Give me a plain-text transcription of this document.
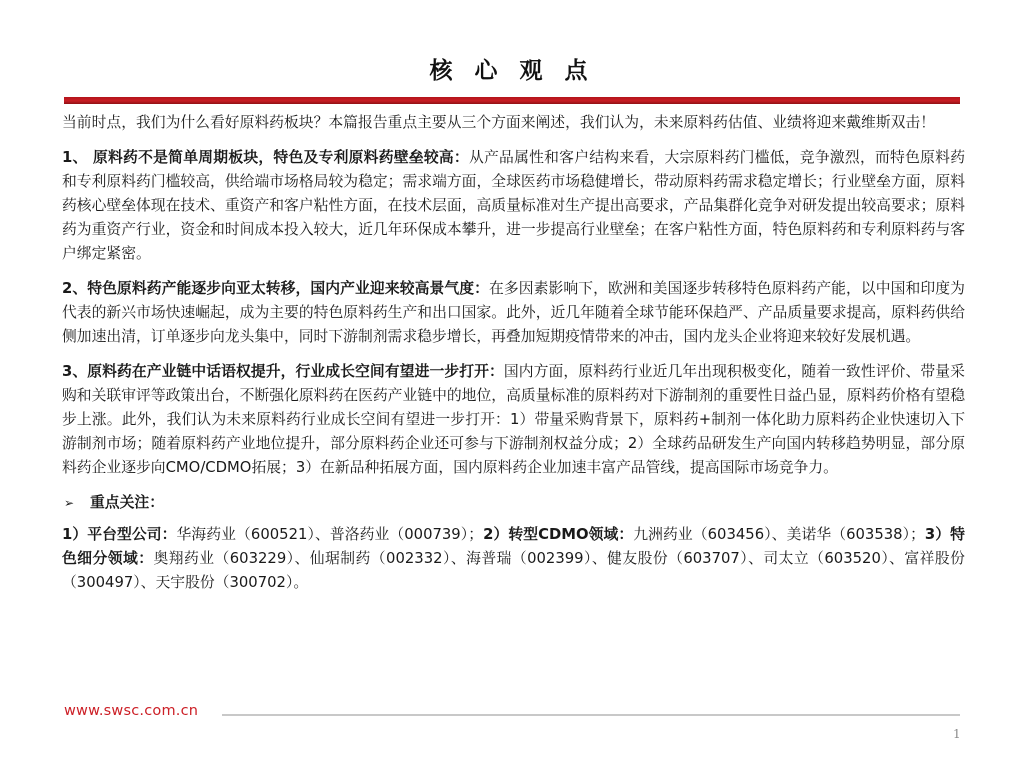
核 心 观 点

当前时点，我们为什么看好原料药板块？本篇报告重点主要从三个方面来阐述，我们认为，未来原料药估值、业绩将迎来戴维斯双击！

1、 原料药不是简单周期板块，特色及专利原料药壁垒较高：从产品属性和客户结构来看，大宗原料药门槛低，竞争激烈，而特色原料药和专利原料药门槛较高，供给端市场格局较为稳定；需求端方面，全球医药市场稳健增长，带动原料药需求稳定增长；行业壁垒方面，原料药核心壁垒体现在技术、重资产和客户粘性方面，在技术层面，高质量标准对生产提出高要求，产品集群化竞争对研发提出较高要求；原料药为重资产行业，资金和时间成本投入较大，近几年环保成本攀升，进一步提高行业壁垒；在客户粘性方面，特色原料药和专利原料药与客户绑定紧密。

2、特色原料药产能逐步向亚太转移，国内产业迎来较高景气度：在多因素影响下，欧洲和美国逐步转移特色原料药产能，以中国和印度为代表的新兴市场快速崛起，成为主要的特色原料药生产和出口国家。此外，近几年随着全球节能环保趋严、产品质量要求提高，原料药供给侧加速出清，订单逐步向龙头集中，同时下游制剂需求稳步增长，再叠加短期疫情带来的冲击，国内龙头企业将迎来较好发展机遇。

3、原料药在产业链中话语权提升，行业成长空间有望进一步打开：国内方面，原料药行业近几年出现积极变化，随着一致性评价、带量采购和关联审评等政策出台，不断强化原料药在医药产业链中的地位，高质量标准的原料药对下游制剂的重要性日益凸显，原料药价格有望稳步上涨。此外，我们认为未来原料药行业成长空间有望进一步打开：1）带量采购背景下，原料药+制剂一体化助力原料药企业快速切入下游制剂市场；随着原料药产业地位提升，部分原料药企业还可参与下游制剂权益分成；2）全球药品研发生产向国内转移趋势明显，部分原料药企业逐步向CMO/CDMO拓展；3）在新品种拓展方面，国内原料药企业加速丰富产品管线，提高国际市场竞争力。

➢	重点关注：

1）平台型公司：华海药业（600521）、普洛药业（000739）；2）转型CDMO领域：九洲药业（603456）、美诺华（603538）；3）特色细分领域：奥翔药业（603229）、仙琚制药（002332）、海普瑞（002399）、健友股份（603707）、司太立（603520）、富祥股份（300497）、天宇股份（300702）。

www.swsc.com.cn
1
